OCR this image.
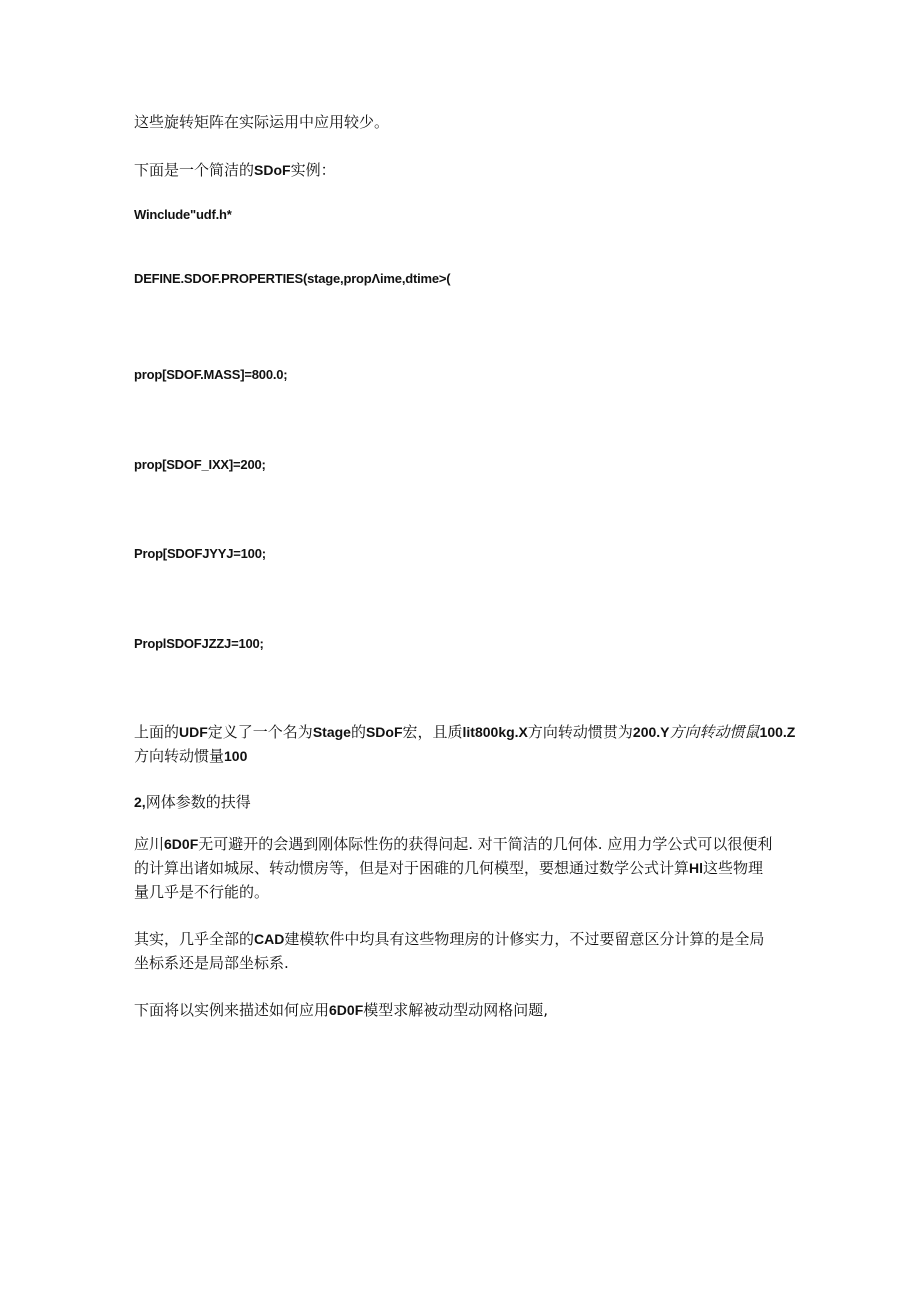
这些旋转矩阵在实际运用中应用较少。
下面是一个简洁的SDoF实例：
Winclude"udf.h*
DEFINE.SDOF.PROPERTIES(stage,propΛime,dtime>(
prop[SDOF.MASS]=800.0;
prop[SDOF_IXX]=200;
Prop[SDOFJYYJ=100;
ProplSDOFJZZJ=100;
上面的UDF定义了一个名为Stage的SDoF宏，且质lit800kg.X方向转动惯贯为200.Y方向转动惯鼠100.Z
方向转动惯量100
2,网体参数的扶得
应川6D0F无可避开的会遇到刚体际性伤的获得问起. 对干简洁的几何体. 应用力学公式可以很便利
的计算出诸如城尿、转动惯房等，但是对于困碓的几何模型，要想通过数学公式计算Hl这些物理
量几乎是不行能的。
其实，几乎全部的CAD建模软件中均具有这些物理房的计修实力，不过要留意区分计算的是全局
坐标系还是局部坐标系.
下面将以实例来描述如何应用6D0F模型求解被动型动网格问题,
